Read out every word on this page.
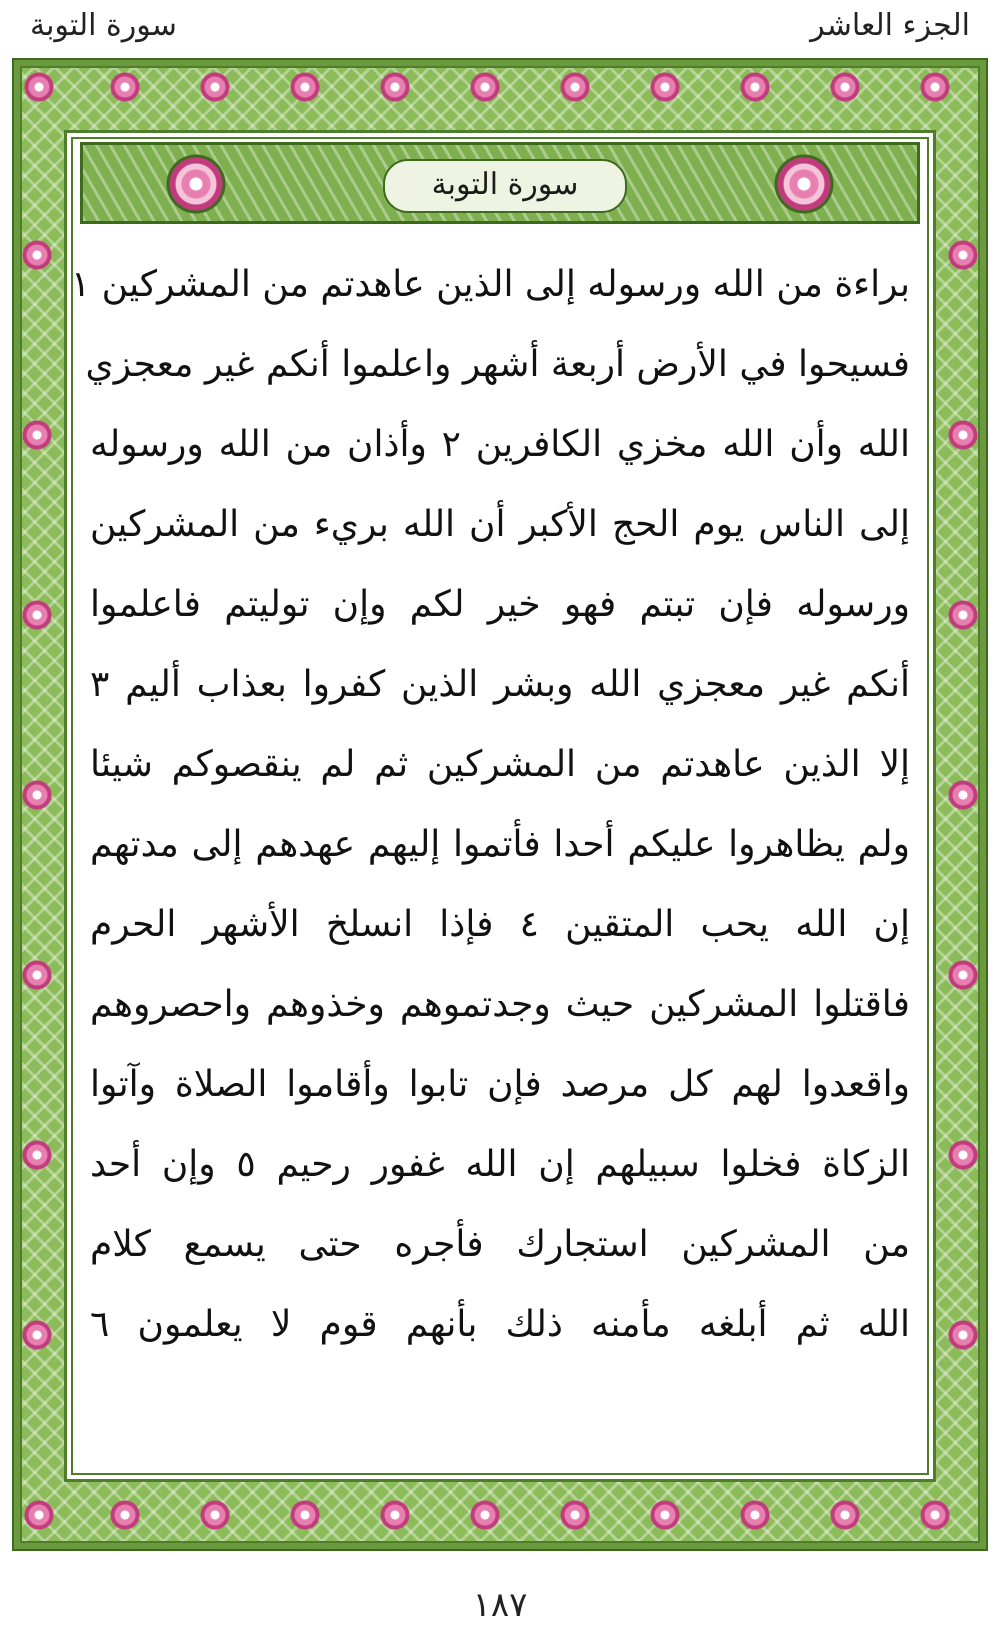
سورة التوبة	الجزء العاشر
سورة التوبة
براءة من الله ورسوله إلى الذين عاهدتم من المشركين ١
فسيحوا في الأرض أربعة أشهر واعلموا أنكم غير معجزي
الله وأن الله مخزي الكافرين ٢ وأذان من الله ورسوله
إلى الناس يوم الحج الأكبر أن الله بريء من المشركين
ورسوله فإن تبتم فهو خير لكم وإن توليتم فاعلموا
أنكم غير معجزي الله وبشر الذين كفروا بعذاب أليم ٣
إلا الذين عاهدتم من المشركين ثم لم ينقصوكم شيئا
ولم يظاهروا عليكم أحدا فأتموا إليهم عهدهم إلى مدتهم
إن الله يحب المتقين ٤ فإذا انسلخ الأشهر الحرم
فاقتلوا المشركين حيث وجدتموهم وخذوهم واحصروهم
واقعدوا لهم كل مرصد فإن تابوا وأقاموا الصلاة وآتوا
الزكاة فخلوا سبيلهم إن الله غفور رحيم ٥ وإن أحد
من المشركين استجارك فأجره حتى يسمع كلام
الله ثم أبلغه مأمنه ذلك بأنهم قوم لا يعلمون ٦
١٨٧
